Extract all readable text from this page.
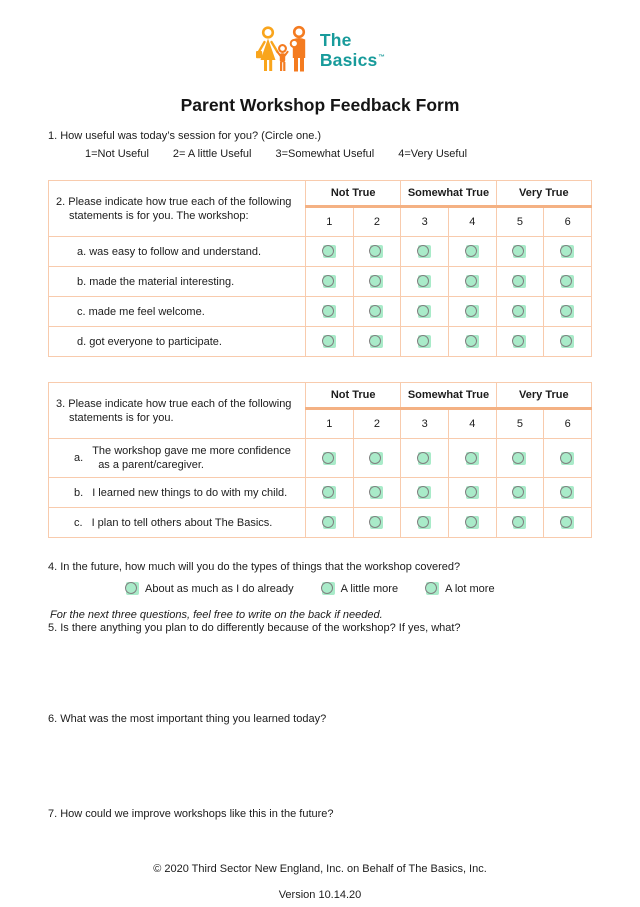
The
Basics™
Parent Workshop Feedback Form

1. How useful was today’s session for you? (Circle one.)

1=Not Useful 2= A little Useful 3=Somewhat Useful 4=Very Useful
2. Please indicate how true each of the following
statements is for you. The workshop:	Not True		Somewhat True		Very True	
	1	2	3	4	5	6
a. was easy to follow and understand.						
b. made the material interesting.						
c. made me feel welcome.						
d. got everyone to participate.						
3. Please indicate how true each of the following
statements is for you.	Not True		Somewhat True		Very True	
	1	2	3	4	5	6

a.
The workshop gave me more confidence
as a parent/caregiver.						

b. I learned new things to do with my child.						

c. I plan to tell others about The Basics.						

4. In the future, how much will you do the types of things that the workshop covered?

About as much as I do already	A little more	A lot more

For the next three questions, feel free to write on the back if needed.

5. Is there anything you plan to do differently because of the workshop? If yes, what?

6. What was the most important thing you learned today?

7. How could we improve workshops like this in the future?

© 2020 Third Sector New England, Inc. on Behalf of The Basics, Inc.

Version 10.14.20
